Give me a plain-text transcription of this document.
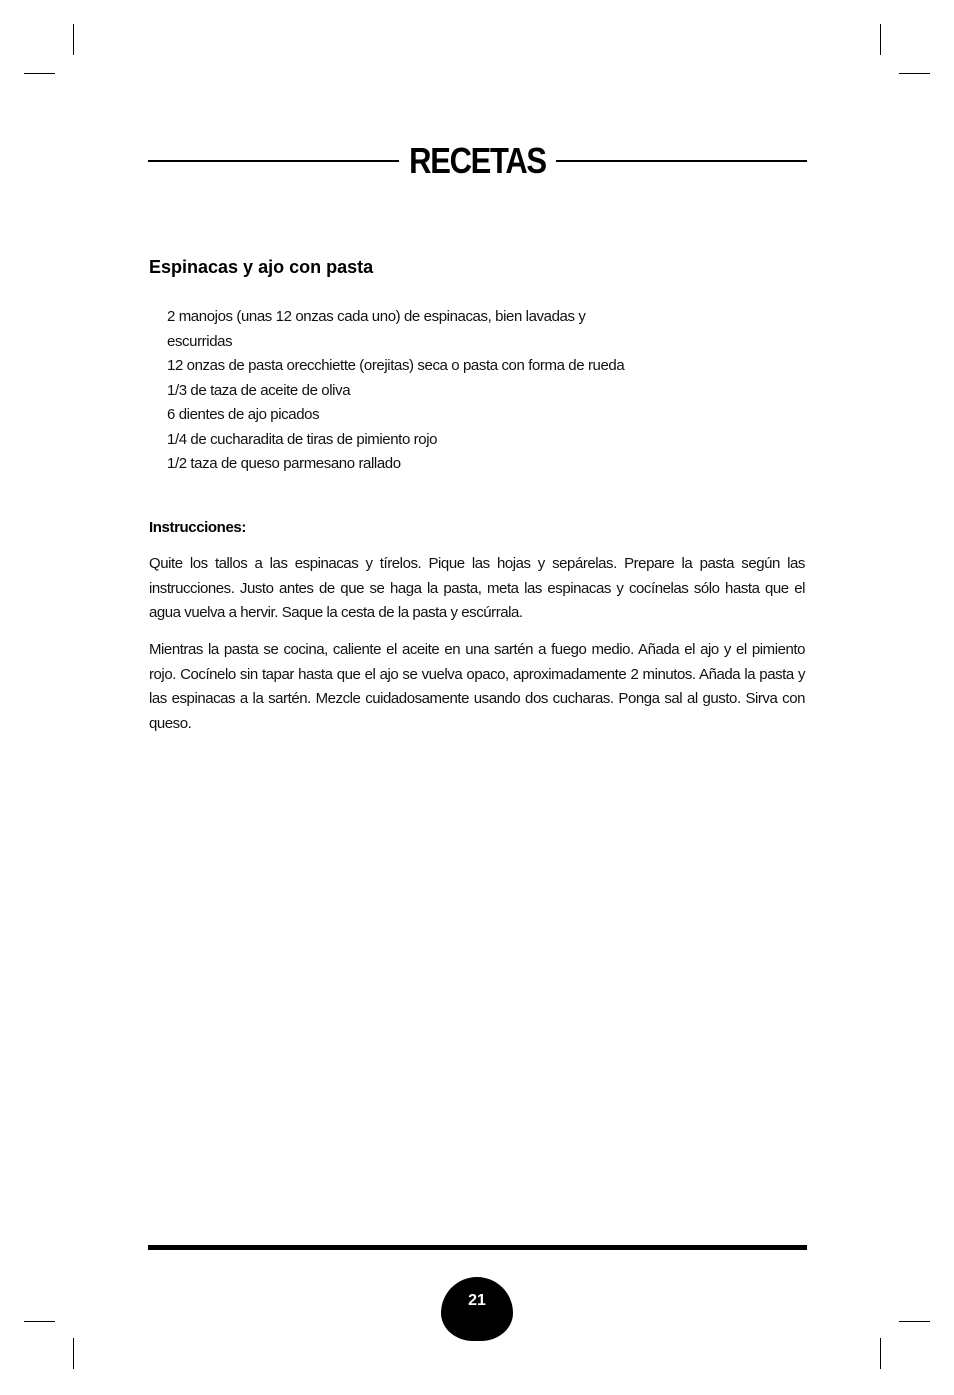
RECETAS
Espinacas y ajo con pasta
2 manojos (unas 12 onzas cada uno) de espinacas, bien lavadas y escurridas
12 onzas de pasta orecchiette (orejitas) seca o pasta con forma de rueda
1/3 de taza de aceite de oliva
6 dientes de ajo picados
1/4 de cucharadita de tiras de pimiento rojo
1/2 taza de queso parmesano rallado
Instrucciones:

Quite los tallos a las espinacas y tírelos. Pique las hojas y sepárelas. Prepare la pasta según las instrucciones. Justo antes de que se haga la pasta, meta las espinacas y cocínelas sólo hasta que el agua vuelva a hervir. Saque la cesta de la pasta y escúrrala.

Mientras la pasta se cocina, caliente el aceite en una sartén a fuego medio. Añada el ajo y el pimiento rojo. Cocínelo sin tapar hasta que el ajo se vuelva opaco, aproximadamente 2 minutos. Añada la pasta y las espinacas a la sartén. Mezcle cuidadosamente usando dos cucharas. Ponga sal al gusto. Sirva con queso.

21
